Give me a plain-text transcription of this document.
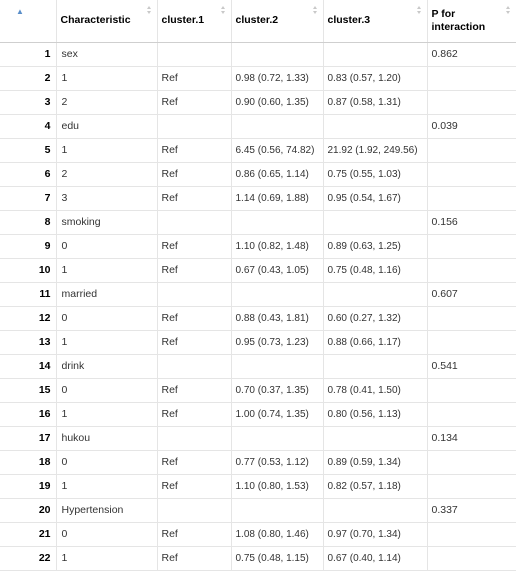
▲	Characteristic	cluster.1	cluster.2	cluster.3	P for interaction

1	sex				0.862
2	1	Ref	0.98 (0.72, 1.33)	0.83 (0.57, 1.20)	
3	2	Ref	0.90 (0.60, 1.35)	0.87 (0.58, 1.31)	
4	edu				0.039
5	1	Ref	6.45 (0.56, 74.82)	21.92 (1.92, 249.56)	
6	2	Ref	0.86 (0.65, 1.14)	0.75 (0.55, 1.03)	
7	3	Ref	1.14 (0.69, 1.88)	0.95 (0.54, 1.67)	
8	smoking				0.156
9	0	Ref	1.10 (0.82, 1.48)	0.89 (0.63, 1.25)	
10	1	Ref	0.67 (0.43, 1.05)	0.75 (0.48, 1.16)	
11	married				0.607
12	0	Ref	0.88 (0.43, 1.81)	0.60 (0.27, 1.32)	
13	1	Ref	0.95 (0.73, 1.23)	0.88 (0.66, 1.17)	
14	drink				0.541
15	0	Ref	0.70 (0.37, 1.35)	0.78 (0.41, 1.50)	
16	1	Ref	1.00 (0.74, 1.35)	0.80 (0.56, 1.13)	
17	hukou				0.134
18	0	Ref	0.77 (0.53, 1.12)	0.89 (0.59, 1.34)	
19	1	Ref	1.10 (0.80, 1.53)	0.82 (0.57, 1.18)	
20	Hypertension				0.337
21	0	Ref	1.08 (0.80, 1.46)	0.97 (0.70, 1.34)	
22	1	Ref	0.75 (0.48, 1.15)	0.67 (0.40, 1.14)	
